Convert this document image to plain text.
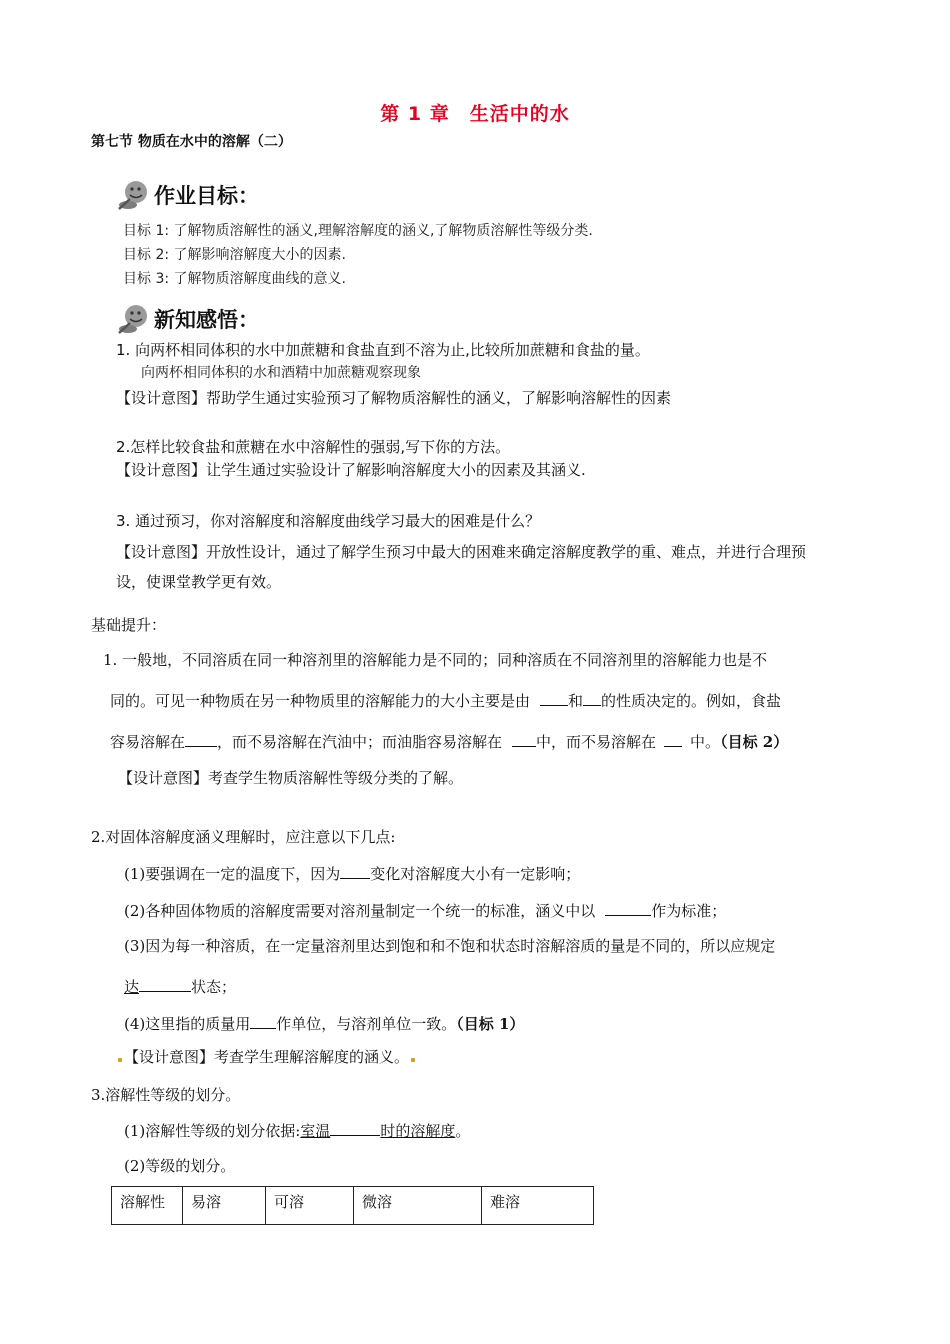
第 1 章　生活中的水
第七节 物质在水中的溶解（二）
作业目标：
目标 1: 了解物质溶解性的涵义,理解溶解度的涵义,了解物质溶解性等级分类.
目标 2: 了解影响溶解度大小的因素.
目标 3: 了解物质溶解度曲线的意义.
新知感悟：
1. 向两杯相同体积的水中加蔗糖和食盐直到不溶为止,比较所加蔗糖和食盐的量。
向两杯相同体积的水和酒精中加蔗糖观察现象
【设计意图】帮助学生通过实验预习了解物质溶解性的涵义，了解影响溶解性的因素
2.怎样比较食盐和蔗糖在水中溶解性的强弱,写下你的方法。
【设计意图】让学生通过实验设计了解影响溶解度大小的因素及其涵义.
3. 通过预习，你对溶解度和溶解度曲线学习最大的困难是什么？
【设计意图】开放性设计，通过了解学生预习中最大的困难来确定溶解度教学的重、难点，并进行合理预
设，使课堂教学更有效。
基础提升：
1. 一般地，不同溶质在同一种溶剂里的溶解能力是不同的；同种溶质在不同溶剂里的溶解能力也是不
同的。可见一种物质在另一种物质里的溶解能力的大小主要是由	和 的性质决定的。例如，食盐
容易溶解在 ，而不易溶解在汽油中；而油脂容易溶解在 中，而不易溶解在 中。（目标 2）
【设计意图】考查学生物质溶解性等级分类的了解。
2.对固体溶解度涵义理解时，应注意以下几点:
(1)要强调在一定的温度下，因为 变化对溶解度大小有一定影响；
(2)各种固体物质的溶解度需要对溶剂量制定一个统一的标准，涵义中以	作为标准；
(3)因为每一种溶质，在一定量溶剂里达到饱和和不饱和状态时溶解溶质的量是不同的，所以应规定
达	状态；
(4)这里指的质量用 作单位，与溶剂单位一致。（目标 1）
【设计意图】考查学生理解溶解度的涵义。
3.溶解性等级的划分。
(1)溶解性等级的划分依据:室温	时的溶解度。
(2)等级的划分。
溶解性	易溶	可溶	微溶	难溶
